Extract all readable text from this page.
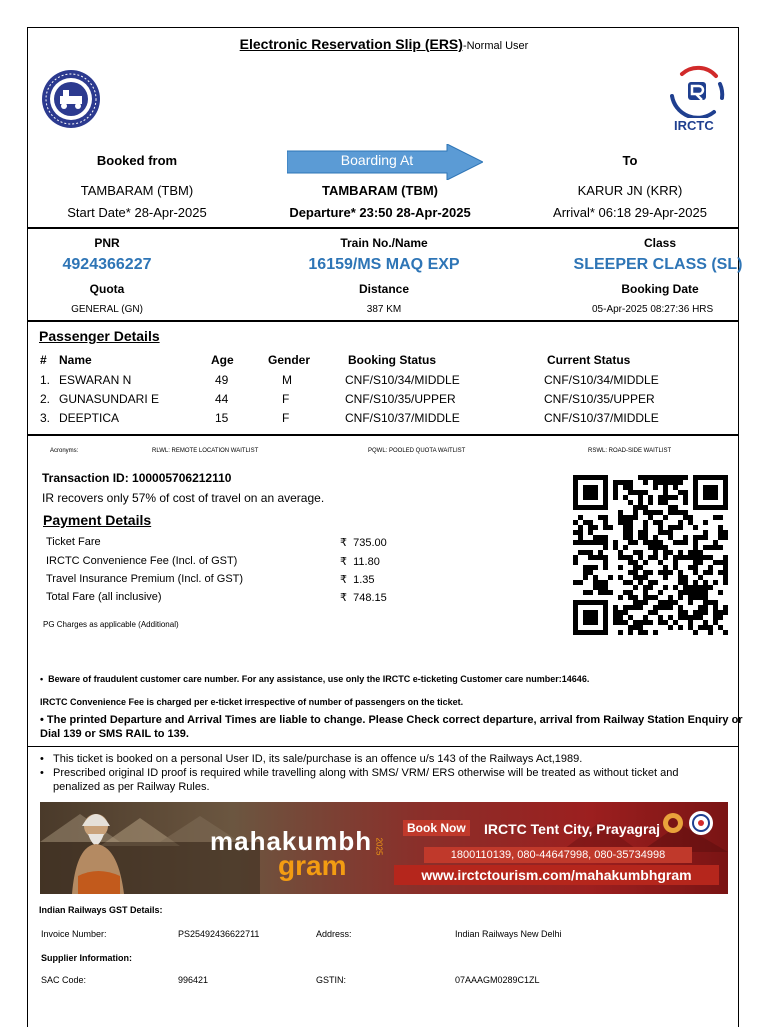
Electronic Reservation Slip (ERS)-Normal User
IRCTC
Booked from	Boarding At	To
TAMBARAM (TBM)
Start Date* 28-Apr-2025
TAMBARAM (TBM)
Departure* 23:50 28-Apr-2025
KARUR JN (KRR)
Arrival* 06:18 29-Apr-2025
PNR
4924366227
Train No./Name
16159/MS MAQ EXP
Class
SLEEPER CLASS (SL)
Quota
GENERAL (GN)
Distance
387 KM
Booking Date
05-Apr-2025 08:27:36 HRS
Passenger Details
# Name	Age	Gender	Booking Status	Current Status
1. ESWARAN N	49	M	CNF/S10/34/MIDDLE	CNF/S10/34/MIDDLE
2. GUNASUNDARI E	44	F	CNF/S10/35/UPPER	CNF/S10/35/UPPER
3. DEEPTICA	15	F	CNF/S10/37/MIDDLE	CNF/S10/37/MIDDLE
Acronyms:	RLWL: REMOTE LOCATION WAITLIST	PQWL: POOLED QUOTA WAITLIST	RSWL: ROAD-SIDE WAITLIST
Transaction ID: 100005706212110
IR recovers only 57% of cost of travel on an average.
Payment Details
Ticket Fare	₹  735.00
IRCTC Convenience Fee (Incl. of GST)	₹  11.80
Travel Insurance Premium (Incl. of GST)	₹  1.35
Total Fare (all inclusive)	₹  748.15
PG Charges as applicable (Additional)
•  Beware of fraudulent customer care number. For any assistance, use only the IRCTC e-ticketing Customer care number:14646.
IRCTC Convenience Fee is charged per e-ticket irrespective of number of passengers on the ticket.
• The printed Departure and Arrival Times are liable to change. Please Check correct departure, arrival from Railway Station Enquiry or
Dial 139 or SMS RAIL to 139.
•   This ticket is booked on a personal User ID, its sale/purchase is an offence u/s 143 of the Railways Act,1989.
•   Prescribed original ID proof is required while travelling along with SMS/ VRM/ ERS otherwise will be treated as without ticket and
penalized as per Railway Rules.
mahakumbh
gram
2025
Book Now IRCTC Tent City, Prayagraj
1800110139, 080-44647998, 080-35734998
www.irctctourism.com/mahakumbhgram
Indian Railways GST Details:
Invoice Number:	PS25492436622711	Address:	Indian Railways New Delhi
Supplier Information:
SAC Code:	996421	GSTIN:	07AAAGM0289C1ZL
